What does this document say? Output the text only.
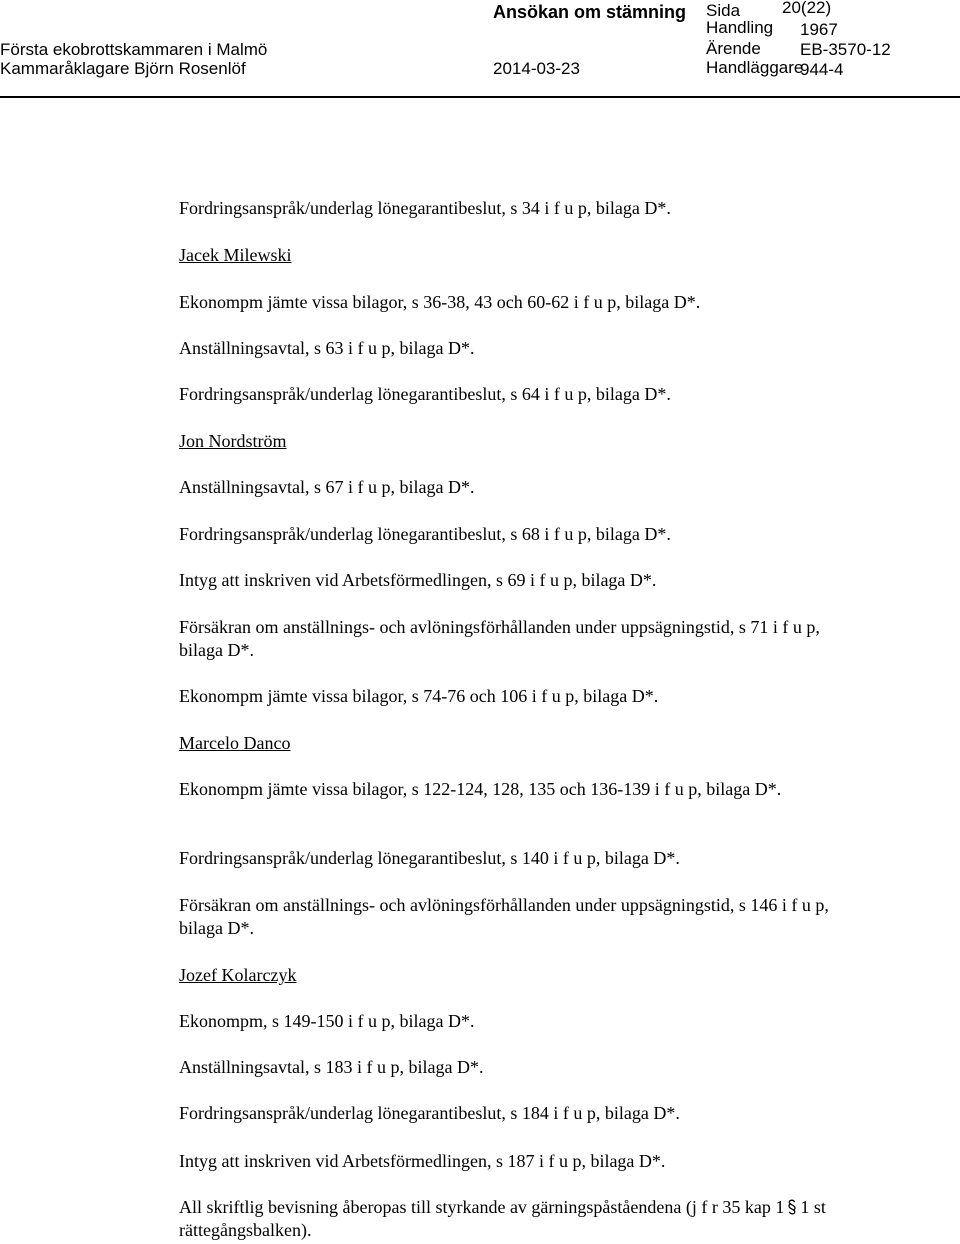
Ansökan om stämning Sida 20(22)
Första ekobrottskammaren i Malmö
Handling 1967
Ärende EB-3570-12
Kammaråklagare Björn Rosenlöf	2014-03-23	Handläggare
944-4
Fordringsanspråk/underlag lönegarantibeslut, s 34 i f u p, bilaga D*.
Jacek Milewski
Ekonompm jämte vissa bilagor, s 36-38, 43 och 60-62 i f u p, bilaga D*.
Anställningsavtal, s 63 i f u p, bilaga D*.
Fordringsanspråk/underlag lönegarantibeslut, s 64 i f u p, bilaga D*.
Jon Nordström
Anställningsavtal, s 67 i f u p, bilaga D*.
Fordringsanspråk/underlag lönegarantibeslut, s 68 i f u p, bilaga D*.
Intyg att inskriven vid Arbetsförmedlingen, s 69 i f u p, bilaga D*.
Försäkran om anställnings- och avlöningsförhållanden under uppsägningstid, s 71 i f u p, bilaga D*.
Ekonompm jämte vissa bilagor, s 74-76 och 106 i f u p, bilaga D*.
Marcelo Danco
Ekonompm jämte vissa bilagor, s 122-124, 128, 135 och 136-139 i f u p, bilaga D*.
Fordringsanspråk/underlag lönegarantibeslut, s 140 i f u p, bilaga D*.
Försäkran om anställnings- och avlöningsförhållanden under uppsägningstid, s 146 i f u p, bilaga D*.
Jozef Kolarczyk
Ekonompm, s 149-150 i f u p, bilaga D*.
Anställningsavtal, s 183 i f u p, bilaga D*.
Fordringsanspråk/underlag lönegarantibeslut, s 184 i f u p, bilaga D*.
Intyg att inskriven vid Arbetsförmedlingen, s 187 i f u p, bilaga D*.
All skriftlig bevisning åberopas till styrkande av gärningspåståendena (j f r 35 kap 1 1 st rättegångsbalken).
